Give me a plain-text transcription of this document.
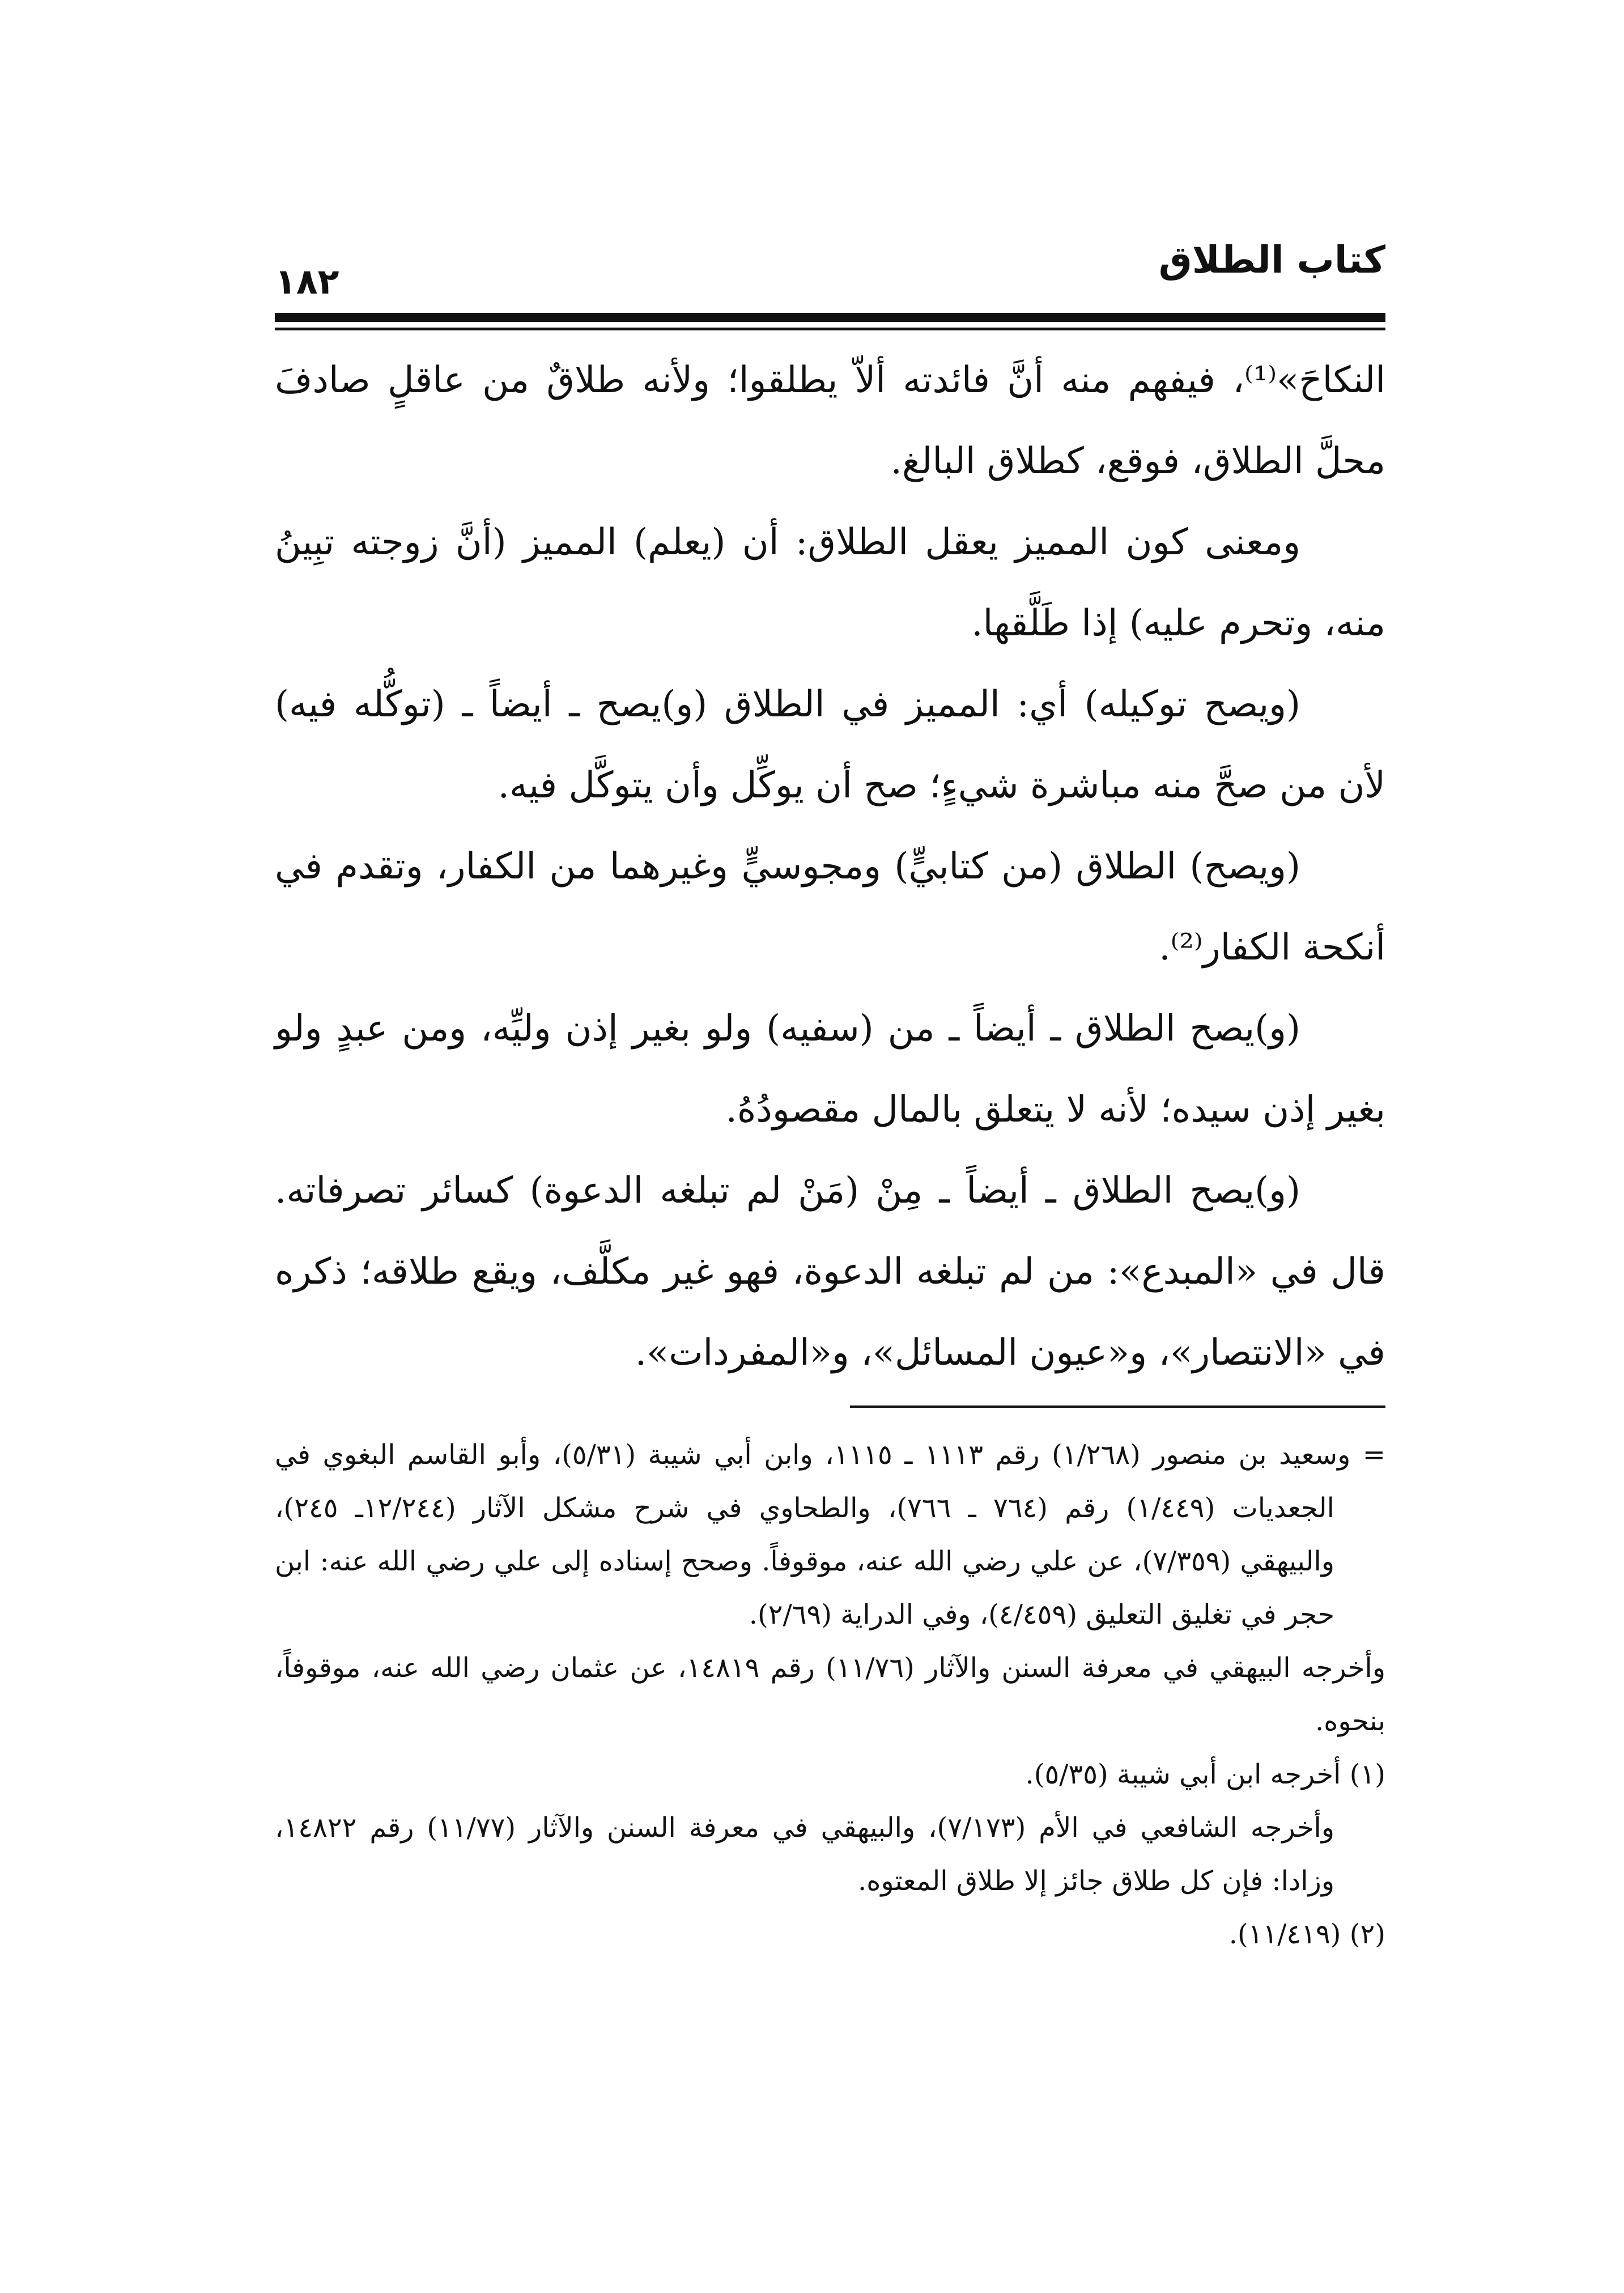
كتاب الطلاق
١٨٢

النكاحَ»⁽¹⁾، فيفهم منه أنَّ فائدته ألاّ يطلقوا؛ ولأنه طلاقٌ من عاقلٍ صادفَ محلَّ الطلاق، فوقع، كطلاق البالغ.

ومعنى كون المميز يعقل الطلاق: أن (يعلم) المميز (أنَّ زوجته تبِينُ منه، وتحرم عليه) إذا طَلَّقها.

(ويصح توكيله) أي: المميز في الطلاق (و)يصح ـ أيضاً ـ (توكُّله فيه) لأن من صحَّ منه مباشرة شيءٍ؛ صح أن يوكِّل وأن يتوكَّل فيه.

(ويصح) الطلاق (من كتابيٍّ) ومجوسيٍّ وغيرهما من الكفار، وتقدم في أنكحة الكفار⁽²⁾.

(و)يصح الطلاق ـ أيضاً ـ من (سفيه) ولو بغير إذن وليِّه، ومن عبدٍ ولو بغير إذن سيده؛ لأنه لا يتعلق بالمال مقصودُهُ.

(و)يصح الطلاق ـ أيضاً ـ مِنْ (مَنْ لم تبلغه الدعوة) كسائر تصرفاته. قال في «المبدع»: من لم تبلغه الدعوة، فهو غير مكلَّف، ويقع طلاقه؛ ذكره في «الانتصار»، و«عيون المسائل»، و«المفردات».

= وسعيد بن منصور (١/٢٦٨) رقم ١١١٣ ـ ١١١٥، وابن أبي شيبة (٥/٣١)، وأبو القاسم البغوي في الجعديات (١/٤٤٩) رقم (٧٦٤ ـ ٧٦٦)، والطحاوي في شرح مشكل الآثار (١٢/٢٤٤ـ ٢٤٥)، والبيهقي (٧/٣٥٩)، عن علي رضي الله عنه، موقوفاً. وصحح إسناده إلى علي رضي الله عنه: ابن حجر في تغليق التعليق (٤/٤٥٩)، وفي الدراية (٢/٦٩).

وأخرجه البيهقي في معرفة السنن والآثار (١١/٧٦) رقم ١٤٨١٩، عن عثمان رضي الله عنه، موقوفاً، بنحوه.

(١) أخرجه ابن أبي شيبة (٥/٣٥).

وأخرجه الشافعي في الأم (٧/١٧٣)، والبيهقي في معرفة السنن والآثار (١١/٧٧) رقم ١٤٨٢٢، وزادا: فإن كل طلاق جائز إلا طلاق المعتوه.

(٢) (١١/٤١٩).
